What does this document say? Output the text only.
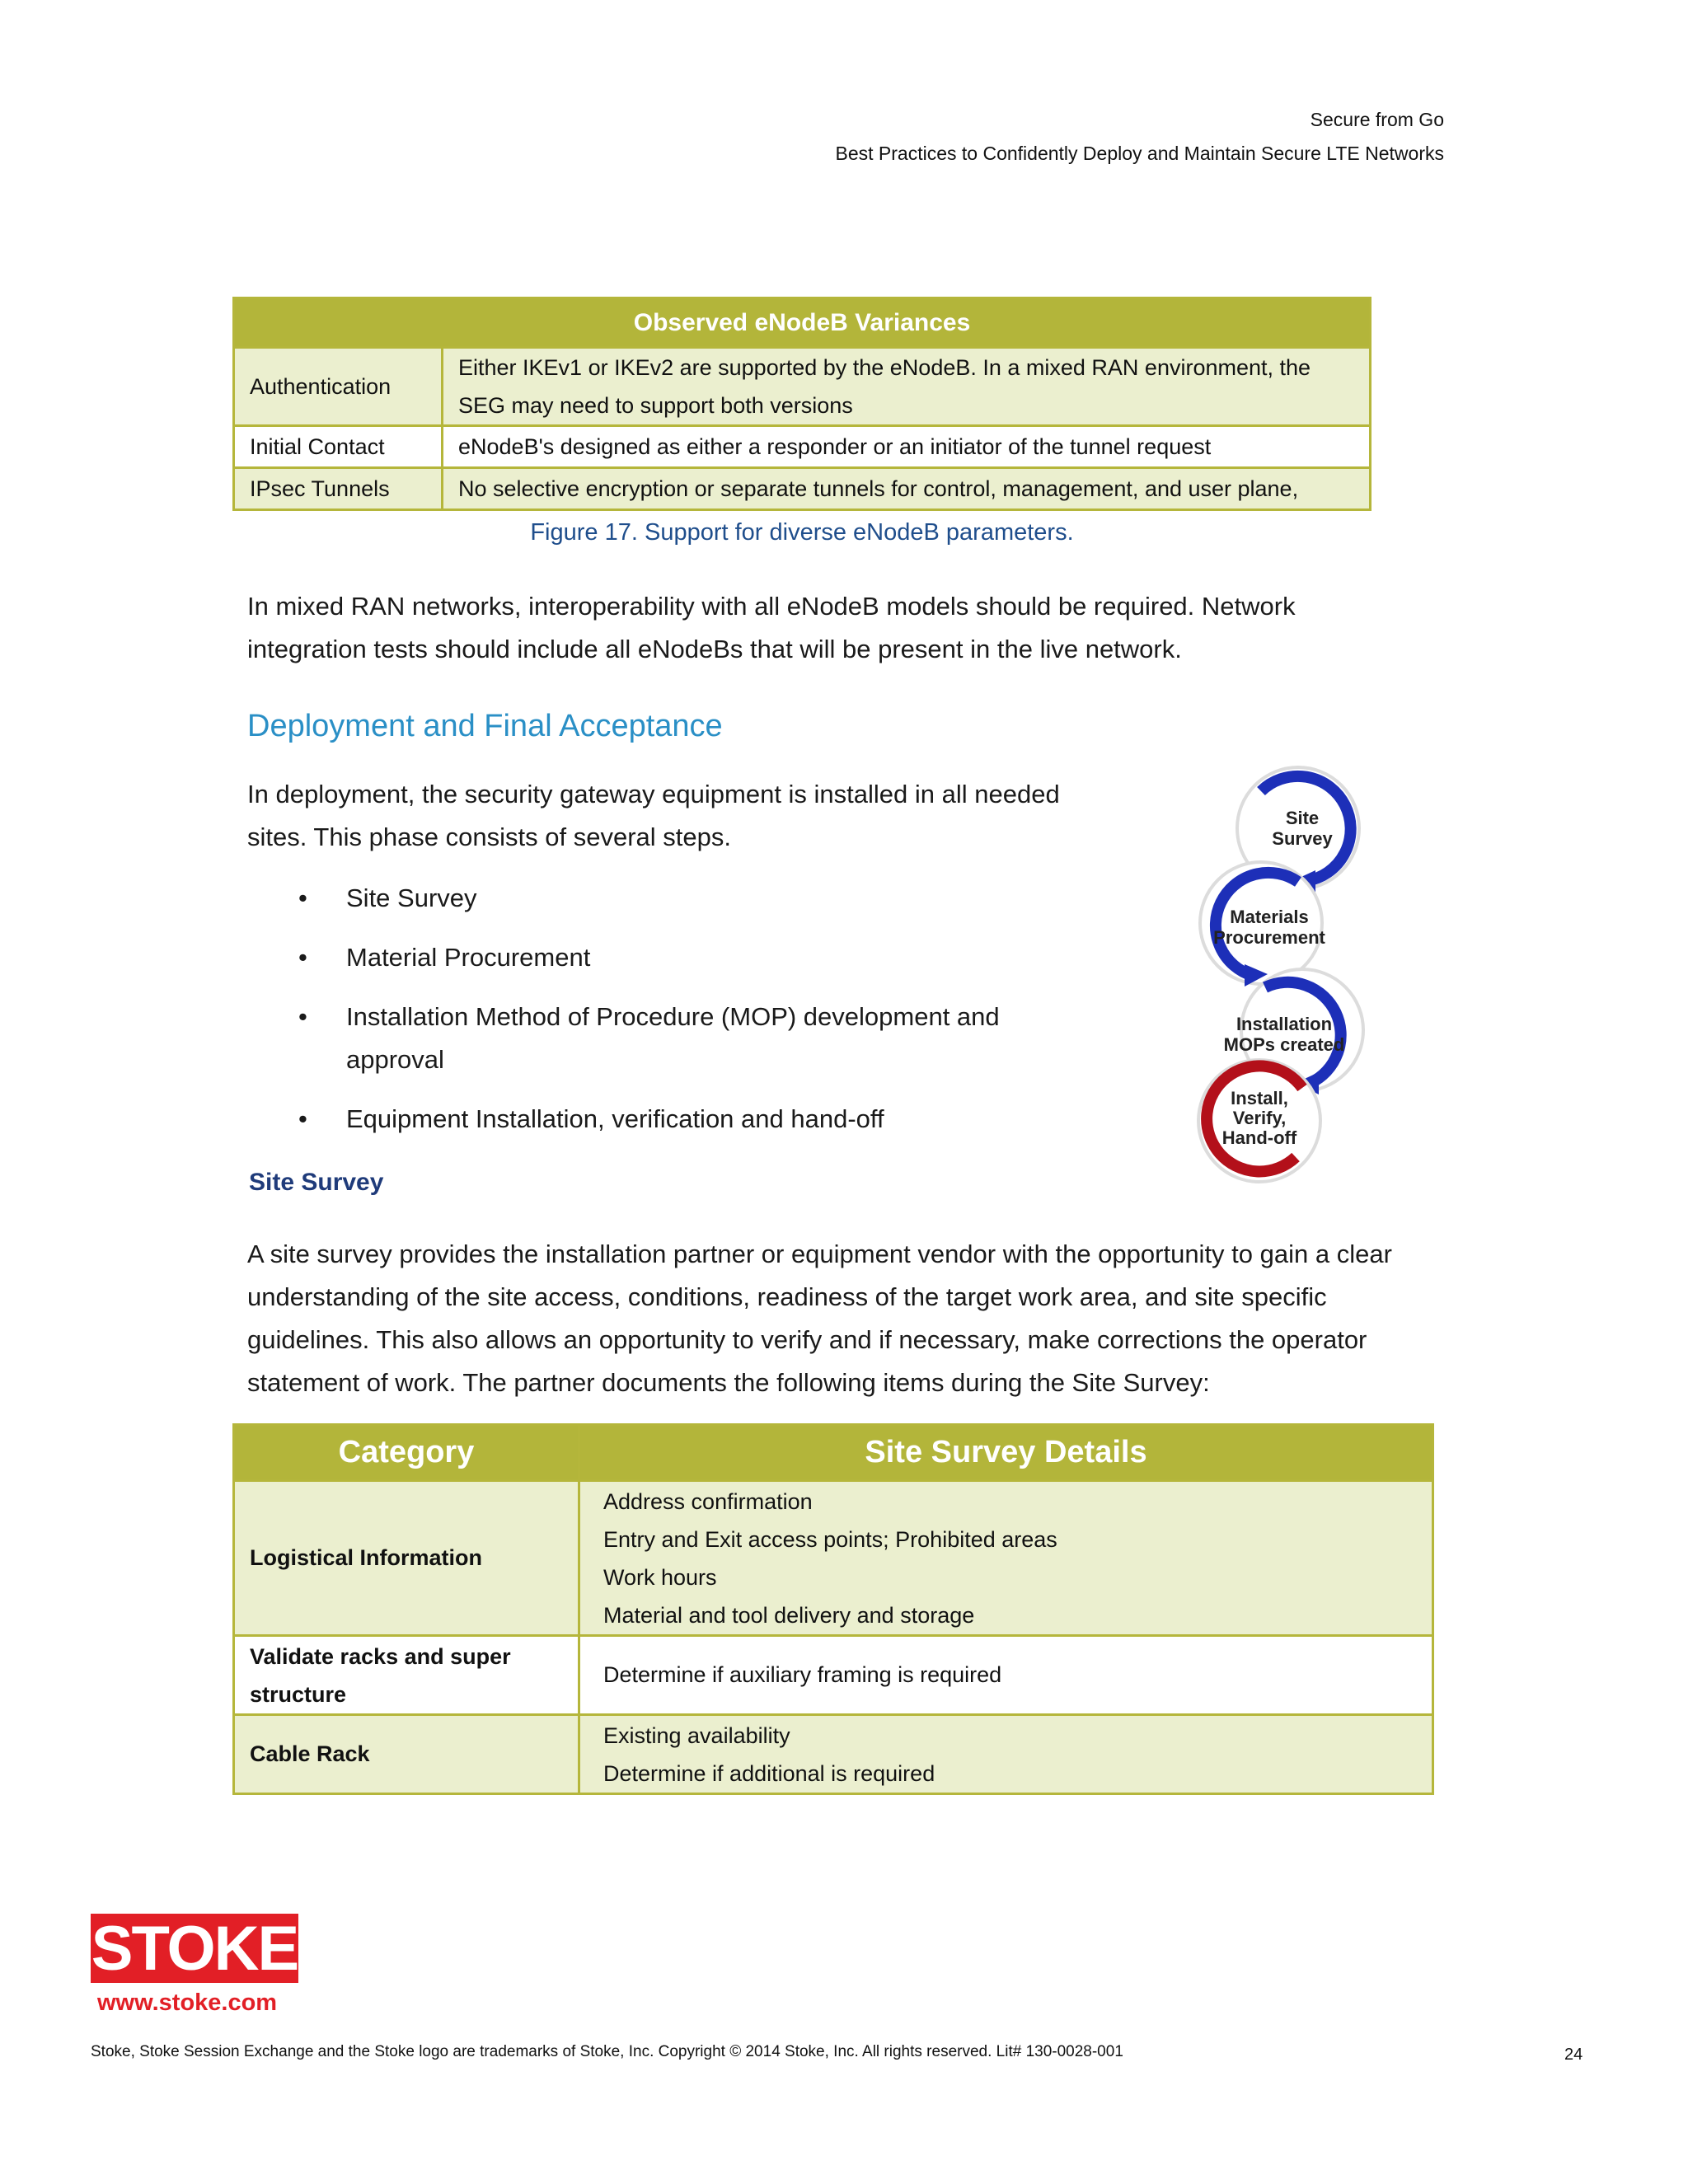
Secure from Go
Best Practices to Confidently Deploy and Maintain Secure LTE Networks
Observed eNodeB Variances	
Authentication	Either IKEv1 or IKEv2 are supported by the eNodeB. In a mixed RAN environment, the
SEG may need to support both versions

Initial Contact	eNodeB's designed as either a responder or an initiator of the tunnel request
IPsec Tunnels	No selective encryption or separate tunnels for control, management, and user plane,
Figure 17. Support for diverse eNodeB parameters.
In mixed RAN networks, interoperability with all eNodeB models should be required. Network
integration tests should include all eNodeBs that will be present in the live network.
Deployment and Final Acceptance
In deployment, the security gateway equipment is installed in all needed
sites. This phase consists of several steps.
• Site Survey
• Material Procurement
• Installation Method of Procedure (MOP) development and
approval
• Equipment Installation, verification and hand-off
Site
Survey
Materials
Procurement
Installation
MOPs created
Install,
Verify,
Hand-off
Site Survey
A site survey provides the installation partner or equipment vendor with the opportunity to gain a clear
understanding of the site access, conditions, readiness of the target work area, and site specific
guidelines. This also allows an opportunity to verify and if necessary, make corrections the operator
statement of work. The partner documents the following items during the Site Survey:
Category	Site Survey Details
Logistical Information	Address confirmation
Entry and Exit access points; Prohibited areas
Work hours
Material and tool delivery and storage

Validate racks and super
structure	Determine if auxiliary framing is required
Cable Rack	Existing availability
Determine if additional is required
STOKE
www.stoke.com
Stoke, Stoke Session Exchange and the Stoke logo are trademarks of Stoke, Inc. Copyright © 2014 Stoke, Inc. All rights reserved. Lit# 130-0028-001	24
